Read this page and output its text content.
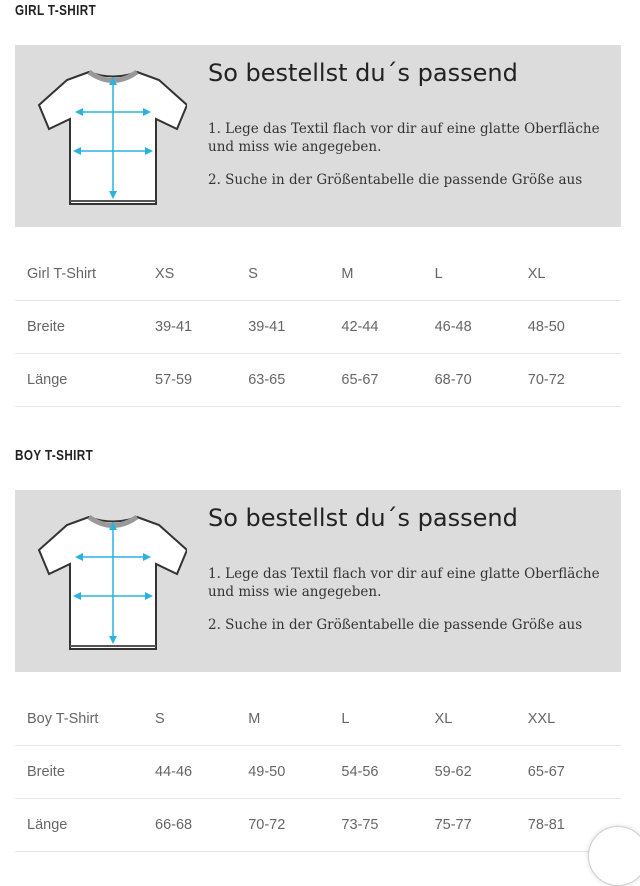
GIRL T-SHIRT
So bestellst du´s passend
1. Lege das Textil flach vor dir auf eine glatte Oberfläche und miss wie angegeben.
2. Suche in der Größentabelle die passende Größe aus
Girl T-Shirt	XS	S	M	L	XL
Breite	39-41	39-41	42-44	46-48	48-50
Länge	57-59	63-65	65-67	68-70	70-72
BOY T-SHIRT
So bestellst du´s passend
1. Lege das Textil flach vor dir auf eine glatte Oberfläche und miss wie angegeben.
2. Suche in der Größentabelle die passende Größe aus
Boy T-Shirt	S	M	L	XL	XXL
Breite	44-46	49-50	54-56	59-62	65-67
Länge	66-68	70-72	73-75	75-77	78-81
